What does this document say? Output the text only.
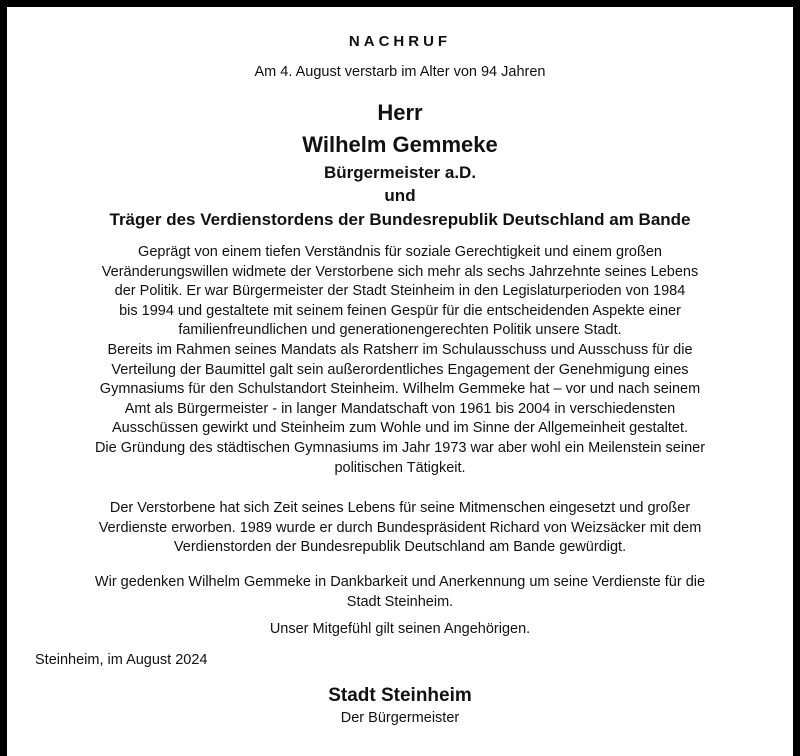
NACHRUF
Am 4. August verstarb im Alter von 94 Jahren
Herr
Wilhelm Gemmeke
Bürgermeister a.D.
und
Träger des Verdienstordens der Bundesrepublik Deutschland am Bande
Geprägt von einem tiefen Verständnis für soziale Gerechtigkeit und einem großen
Veränderungswillen widmete der Verstorbene sich mehr als sechs Jahrzehnte seines Lebens
der Politik. Er war Bürgermeister der Stadt Steinheim in den Legislaturperioden von 1984
bis 1994 und gestaltete mit seinem feinen Gespür für die entscheidenden Aspekte einer
familienfreundlichen und generationengerechten Politik unsere Stadt.
Bereits im Rahmen seines Mandats als Ratsherr im Schulausschuss und Ausschuss für die
Verteilung der Baumittel galt sein außerordentliches Engagement der Genehmigung eines
Gymnasiums für den Schulstandort Steinheim. Wilhelm Gemmeke hat – vor und nach seinem
Amt als Bürgermeister - in langer Mandatschaft von 1961 bis 2004 in verschiedensten
Ausschüssen gewirkt und Steinheim zum Wohle und im Sinne der Allgemeinheit gestaltet.
Die Gründung des städtischen Gymnasiums im Jahr 1973 war aber wohl ein Meilenstein seiner
politischen Tätigkeit.
Der Verstorbene hat sich Zeit seines Lebens für seine Mitmenschen eingesetzt und großer
Verdienste erworben. 1989 wurde er durch Bundespräsident Richard von Weizsäcker mit dem
Verdienstorden der Bundesrepublik Deutschland am Bande gewürdigt.
Wir gedenken Wilhelm Gemmeke in Dankbarkeit und Anerkennung um seine Verdienste für die
Stadt Steinheim.
Unser Mitgefühl gilt seinen Angehörigen.
Steinheim, im August 2024
Stadt Steinheim
Der Bürgermeister
